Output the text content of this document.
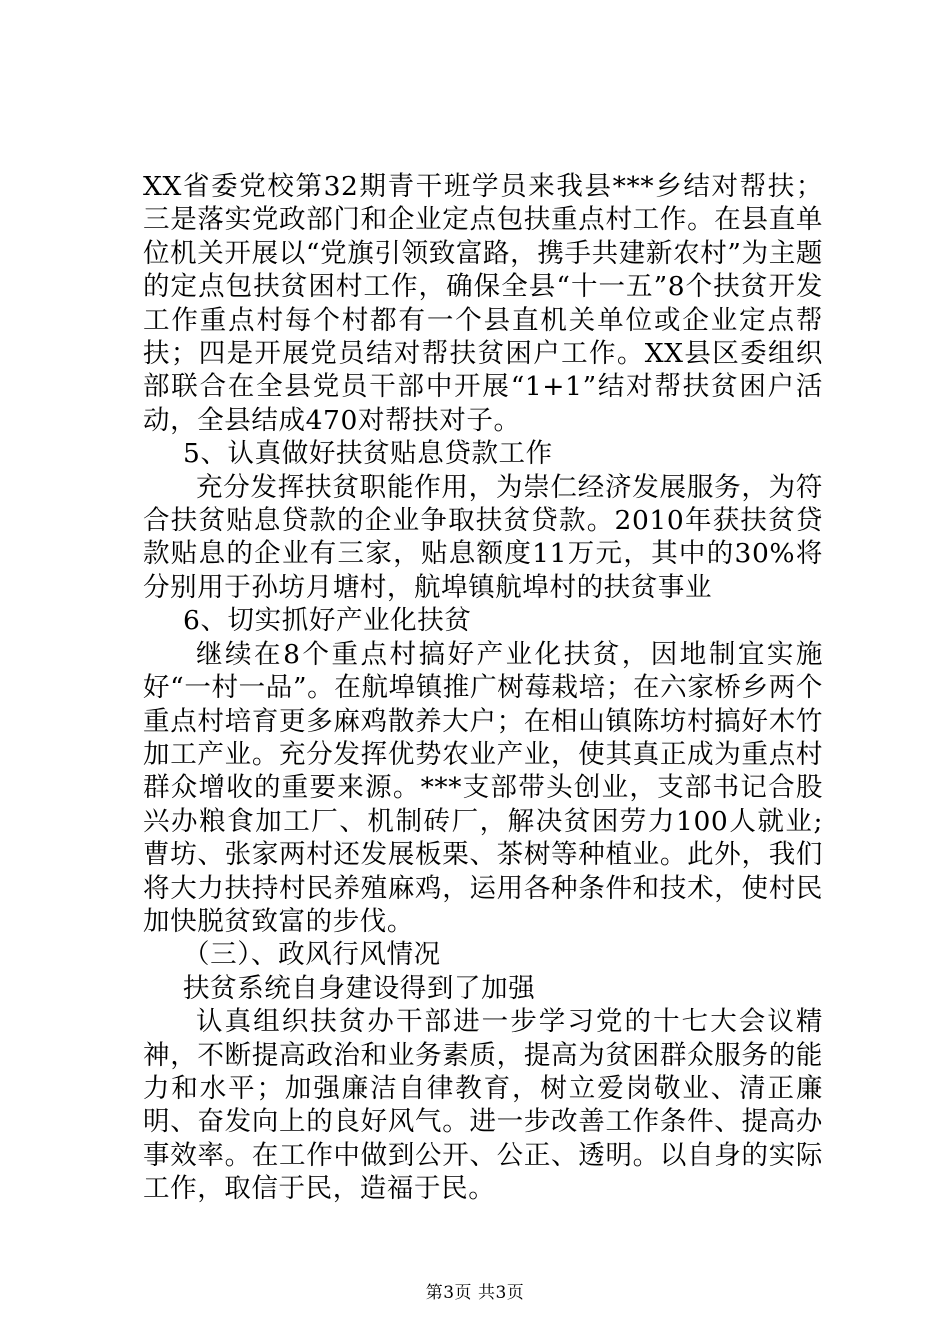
XX省委党校第32期青干班学员来我县***乡结对帮扶；三是落实党政部门和企业定点包扶重点村工作。在县直单位机关开展以“党旗引领致富路，携手共建新农村”为主题的定点包扶贫困村工作，确保全县“十一五”8个扶贫开发工作重点村每个村都有一个县直机关单位或企业定点帮扶；四是开展党员结对帮扶贫困户工作。XX县区委组织部联合在全县党员干部中开展“1+1”结对帮扶贫困户活动，全县结成470对帮扶对子。

5、认真做好扶贫贴息贷款工作

充分发挥扶贫职能作用，为崇仁经济发展服务，为符合扶贫贴息贷款的企业争取扶贫贷款。2010年获扶贫贷款贴息的企业有三家，贴息额度11万元，其中的30%将分别用于孙坊月塘村，航埠镇航埠村的扶贫事业

6、切实抓好产业化扶贫

继续在8个重点村搞好产业化扶贫，因地制宜实施好“一村一品”。在航埠镇推广树莓栽培；在六家桥乡两个重点村培育更多麻鸡散养大户；在相山镇陈坊村搞好木竹加工产业。充分发挥优势农业产业，使其真正成为重点村群众增收的重要来源。***支部带头创业，支部书记合股兴办粮食加工厂、机制砖厂，解决贫困劳力100人就业;曹坊、张家两村还发展板栗、茶树等种植业。此外，我们将大力扶持村民养殖麻鸡，运用各种条件和技术，使村民加快脱贫致富的步伐。

（三）、政风行风情况

扶贫系统自身建设得到了加强

认真组织扶贫办干部进一步学习党的十七大会议精神，不断提高政治和业务素质，提高为贫困群众服务的能力和水平；加强廉洁自律教育，树立爱岗敬业、清正廉明、奋发向上的良好风气。进一步改善工作条件、提高办事效率。在工作中做到公开、公正、透明。以自身的实际工作，取信于民，造福于民。

第3页 共3页
